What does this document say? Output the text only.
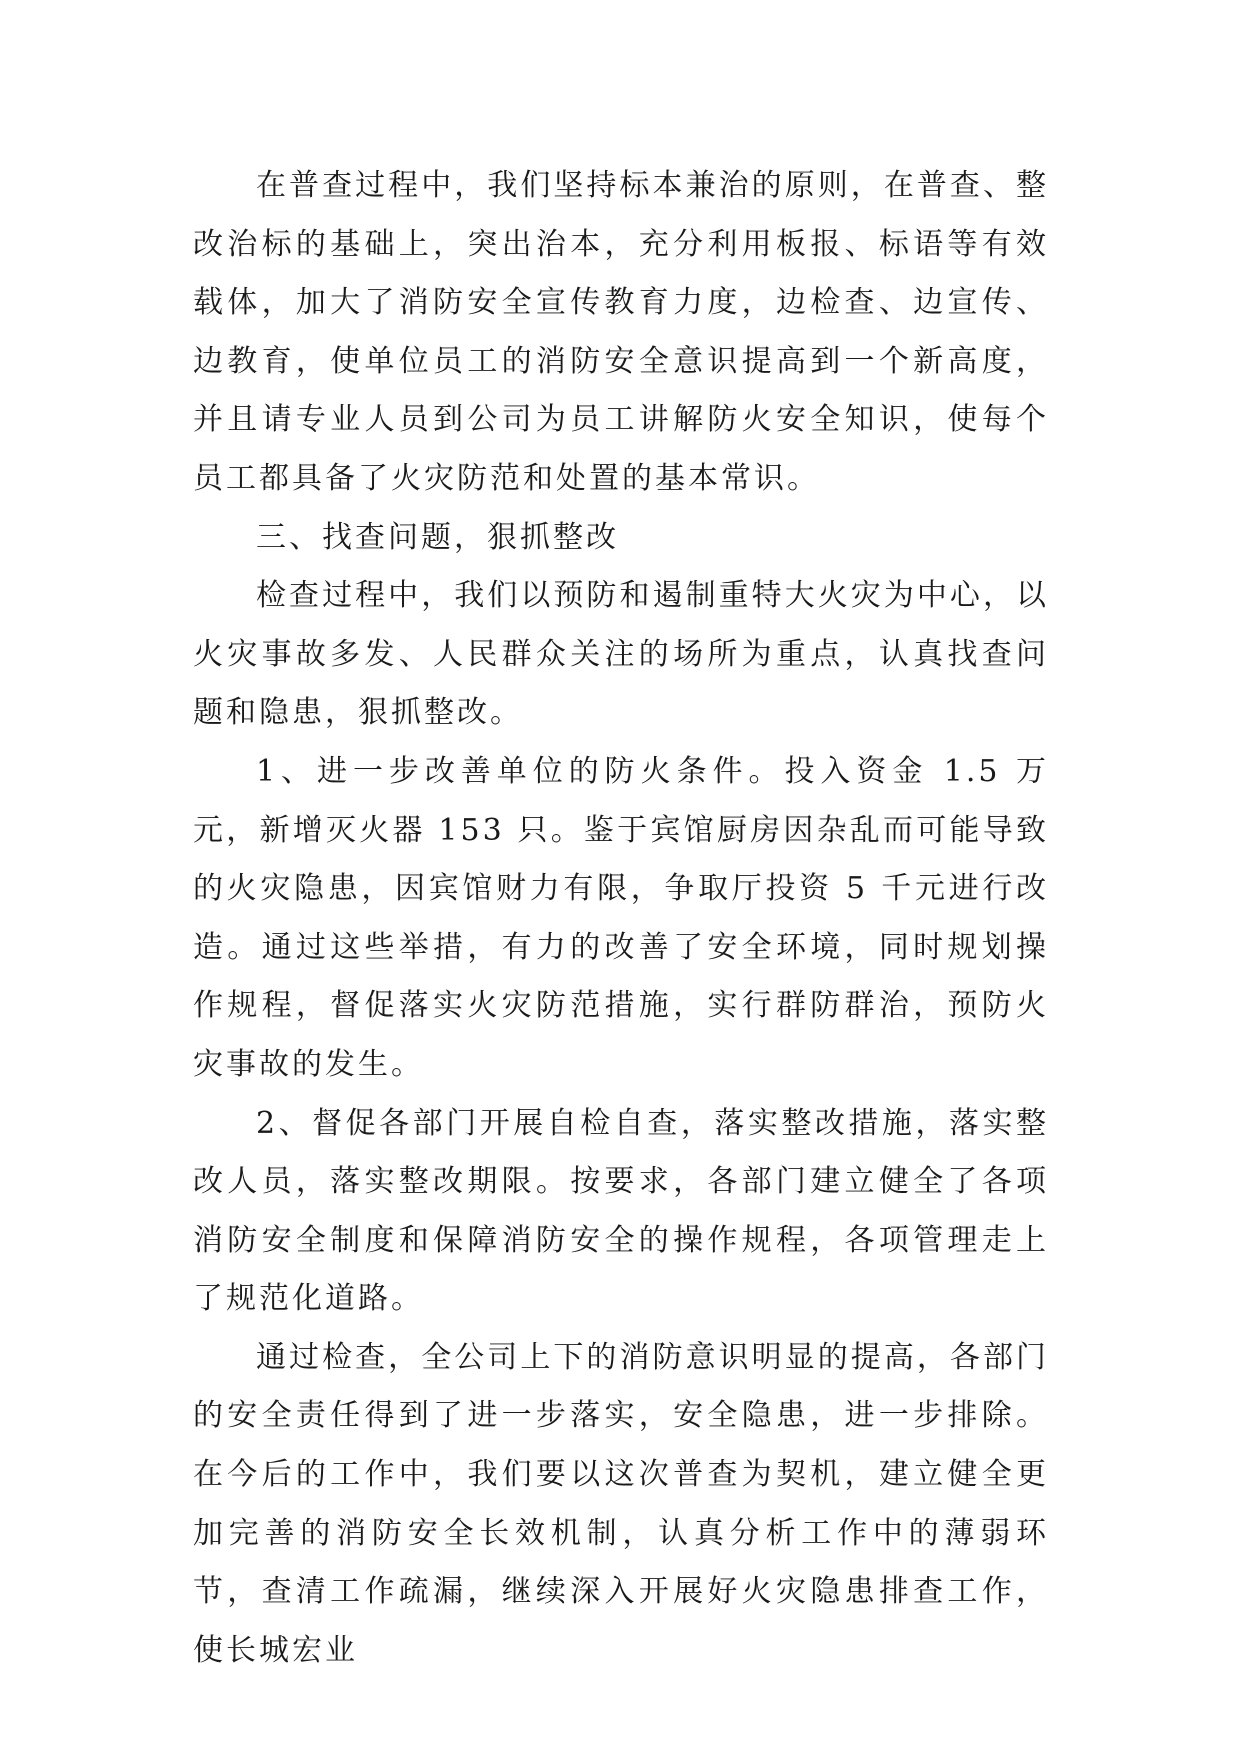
在普查过程中，我们坚持标本兼治的原则，在普查、整改治标的基础上，突出治本，充分利用板报、标语等有效载体，加大了消防安全宣传教育力度，边检查、边宣传、边教育，使单位员工的消防安全意识提高到一个新高度，并且请专业人员到公司为员工讲解防火安全知识，使每个员工都具备了火灾防范和处置的基本常识。

三、找查问题，狠抓整改

检查过程中，我们以预防和遏制重特大火灾为中心，以火灾事故多发、人民群众关注的场所为重点，认真找查问题和隐患，狠抓整改。

1、进一步改善单位的防火条件。投入资金 1.5 万元，新增灭火器 153 只。鉴于宾馆厨房因杂乱而可能导致的火灾隐患，因宾馆财力有限，争取厅投资 5 千元进行改造。通过这些举措，有力的改善了安全环境，同时规划操作规程，督促落实火灾防范措施，实行群防群治，预防火灾事故的发生。

2、督促各部门开展自检自查，落实整改措施，落实整改人员，落实整改期限。按要求，各部门建立健全了各项消防安全制度和保障消防安全的操作规程，各项管理走上了规范化道路。

通过检查，全公司上下的消防意识明显的提高，各部门的安全责任得到了进一步落实，安全隐患，进一步排除。在今后的工作中，我们要以这次普查为契机，建立健全更加完善的消防安全长效机制，认真分析工作中的薄弱环节，查清工作疏漏，继续深入开展好火灾隐患排查工作，使长城宏业
